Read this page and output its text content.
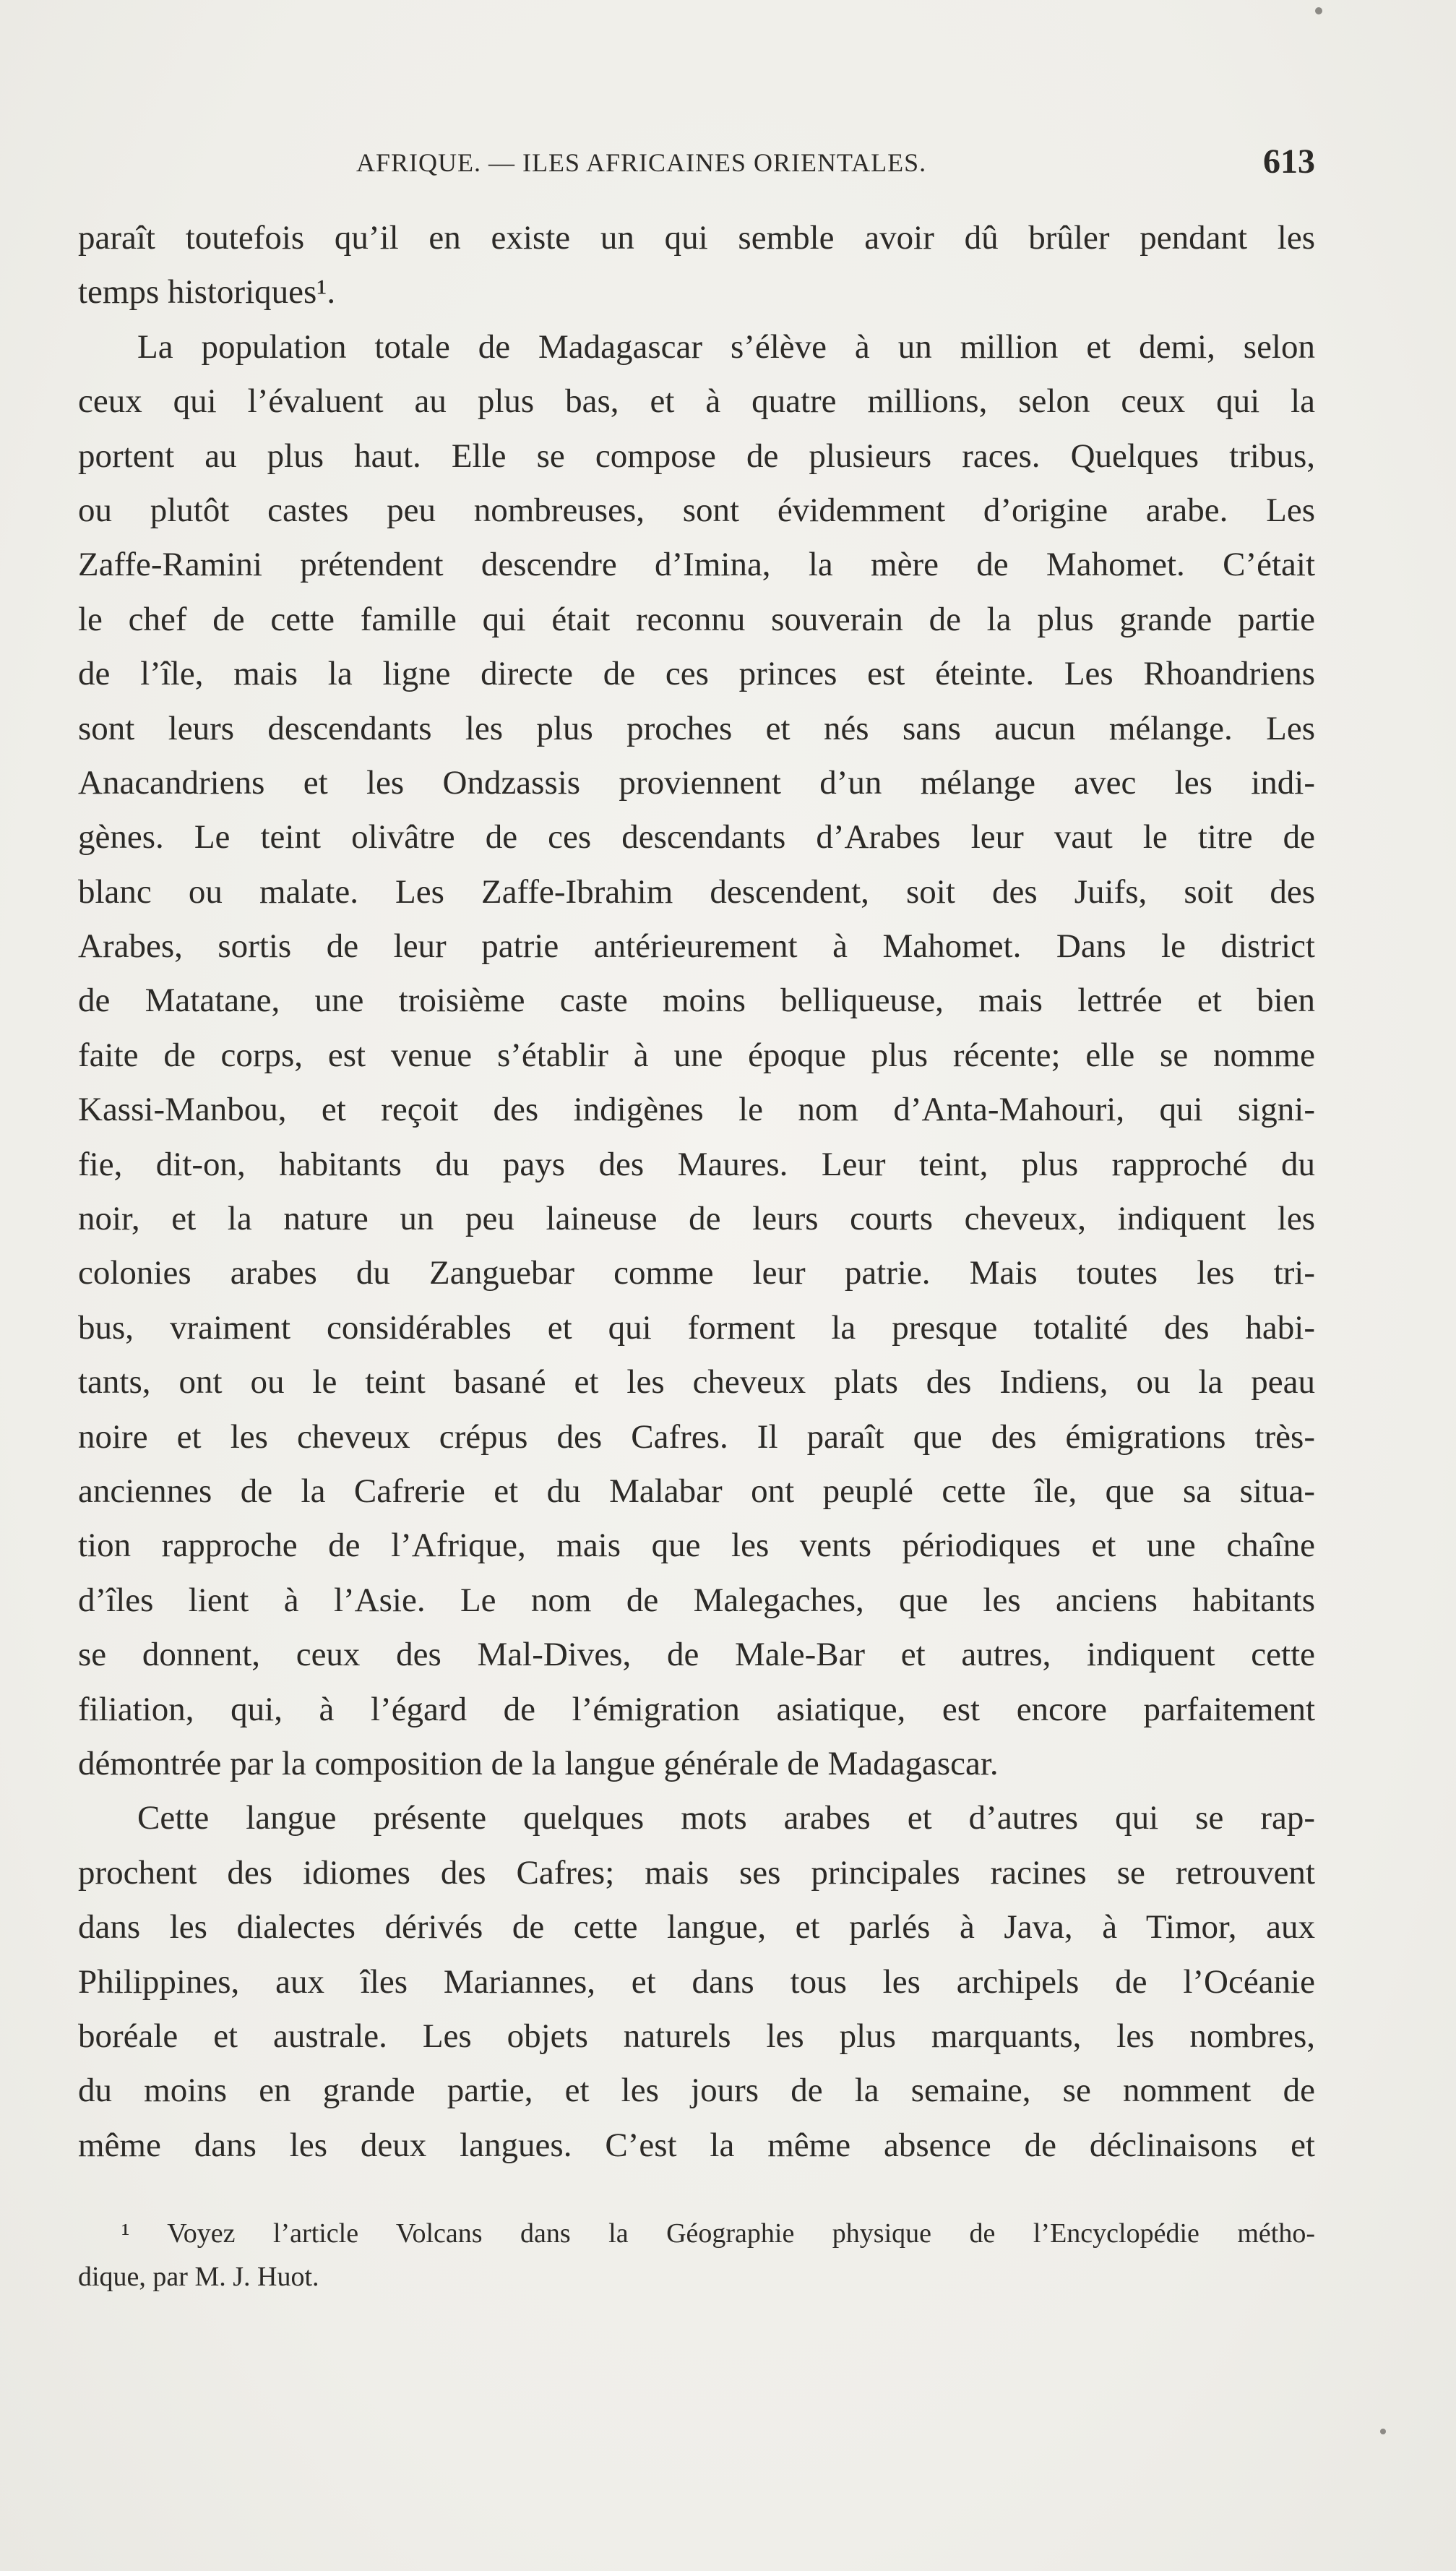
AFRIQUE. — ILES AFRICAINES ORIENTALES.	613
paraît toutefois qu’il en existe un qui semble avoir dû brûler pendant les
temps historiques¹.
La population totale de Madagascar s’élève à un million et demi, selon
ceux qui l’évaluent au plus bas, et à quatre millions, selon ceux qui la
portent au plus haut. Elle se compose de plusieurs races. Quelques tribus,
ou plutôt castes peu nombreuses, sont évidemment d’origine arabe. Les
Zaffe-Ramini prétendent descendre d’Imina, la mère de Mahomet. C’était
le chef de cette famille qui était reconnu souverain de la plus grande partie
de l’île, mais la ligne directe de ces princes est éteinte. Les Rhoandriens
sont leurs descendants les plus proches et nés sans aucun mélange. Les
Anacandriens et les Ondzassis proviennent d’un mélange avec les indi-
gènes. Le teint olivâtre de ces descendants d’Arabes leur vaut le titre de
blanc ou malate. Les Zaffe-Ibrahim descendent, soit des Juifs, soit des
Arabes, sortis de leur patrie antérieurement à Mahomet. Dans le district
de Matatane, une troisième caste moins belliqueuse, mais lettrée et bien
faite de corps, est venue s’établir à une époque plus récente; elle se nomme
Kassi-Manbou, et reçoit des indigènes le nom d’Anta-Mahouri, qui signi-
fie, dit-on, habitants du pays des Maures. Leur teint, plus rapproché du
noir, et la nature un peu laineuse de leurs courts cheveux, indiquent les
colonies arabes du Zanguebar comme leur patrie. Mais toutes les tri-
bus, vraiment considérables et qui forment la presque totalité des habi-
tants, ont ou le teint basané et les cheveux plats des Indiens, ou la peau
noire et les cheveux crépus des Cafres. Il paraît que des émigrations très-
anciennes de la Cafrerie et du Malabar ont peuplé cette île, que sa situa-
tion rapproche de l’Afrique, mais que les vents périodiques et une chaîne
d’îles lient à l’Asie. Le nom de Malegaches, que les anciens habitants
se donnent, ceux des Mal-Dives, de Male-Bar et autres, indiquent cette
filiation, qui, à l’égard de l’émigration asiatique, est encore parfaitement
démontrée par la composition de la langue générale de Madagascar.
Cette langue présente quelques mots arabes et d’autres qui se rap-
prochent des idiomes des Cafres; mais ses principales racines se retrouvent
dans les dialectes dérivés de cette langue, et parlés à Java, à Timor, aux
Philippines, aux îles Mariannes, et dans tous les archipels de l’Océanie
boréale et australe. Les objets naturels les plus marquants, les nombres,
du moins en grande partie, et les jours de la semaine, se nomment de
même dans les deux langues. C’est la même absence de déclinaisons et
¹ Voyez l’article Volcans dans la Géographie physique de l’Encyclopédie métho-
dique, par M. J. Huot.
